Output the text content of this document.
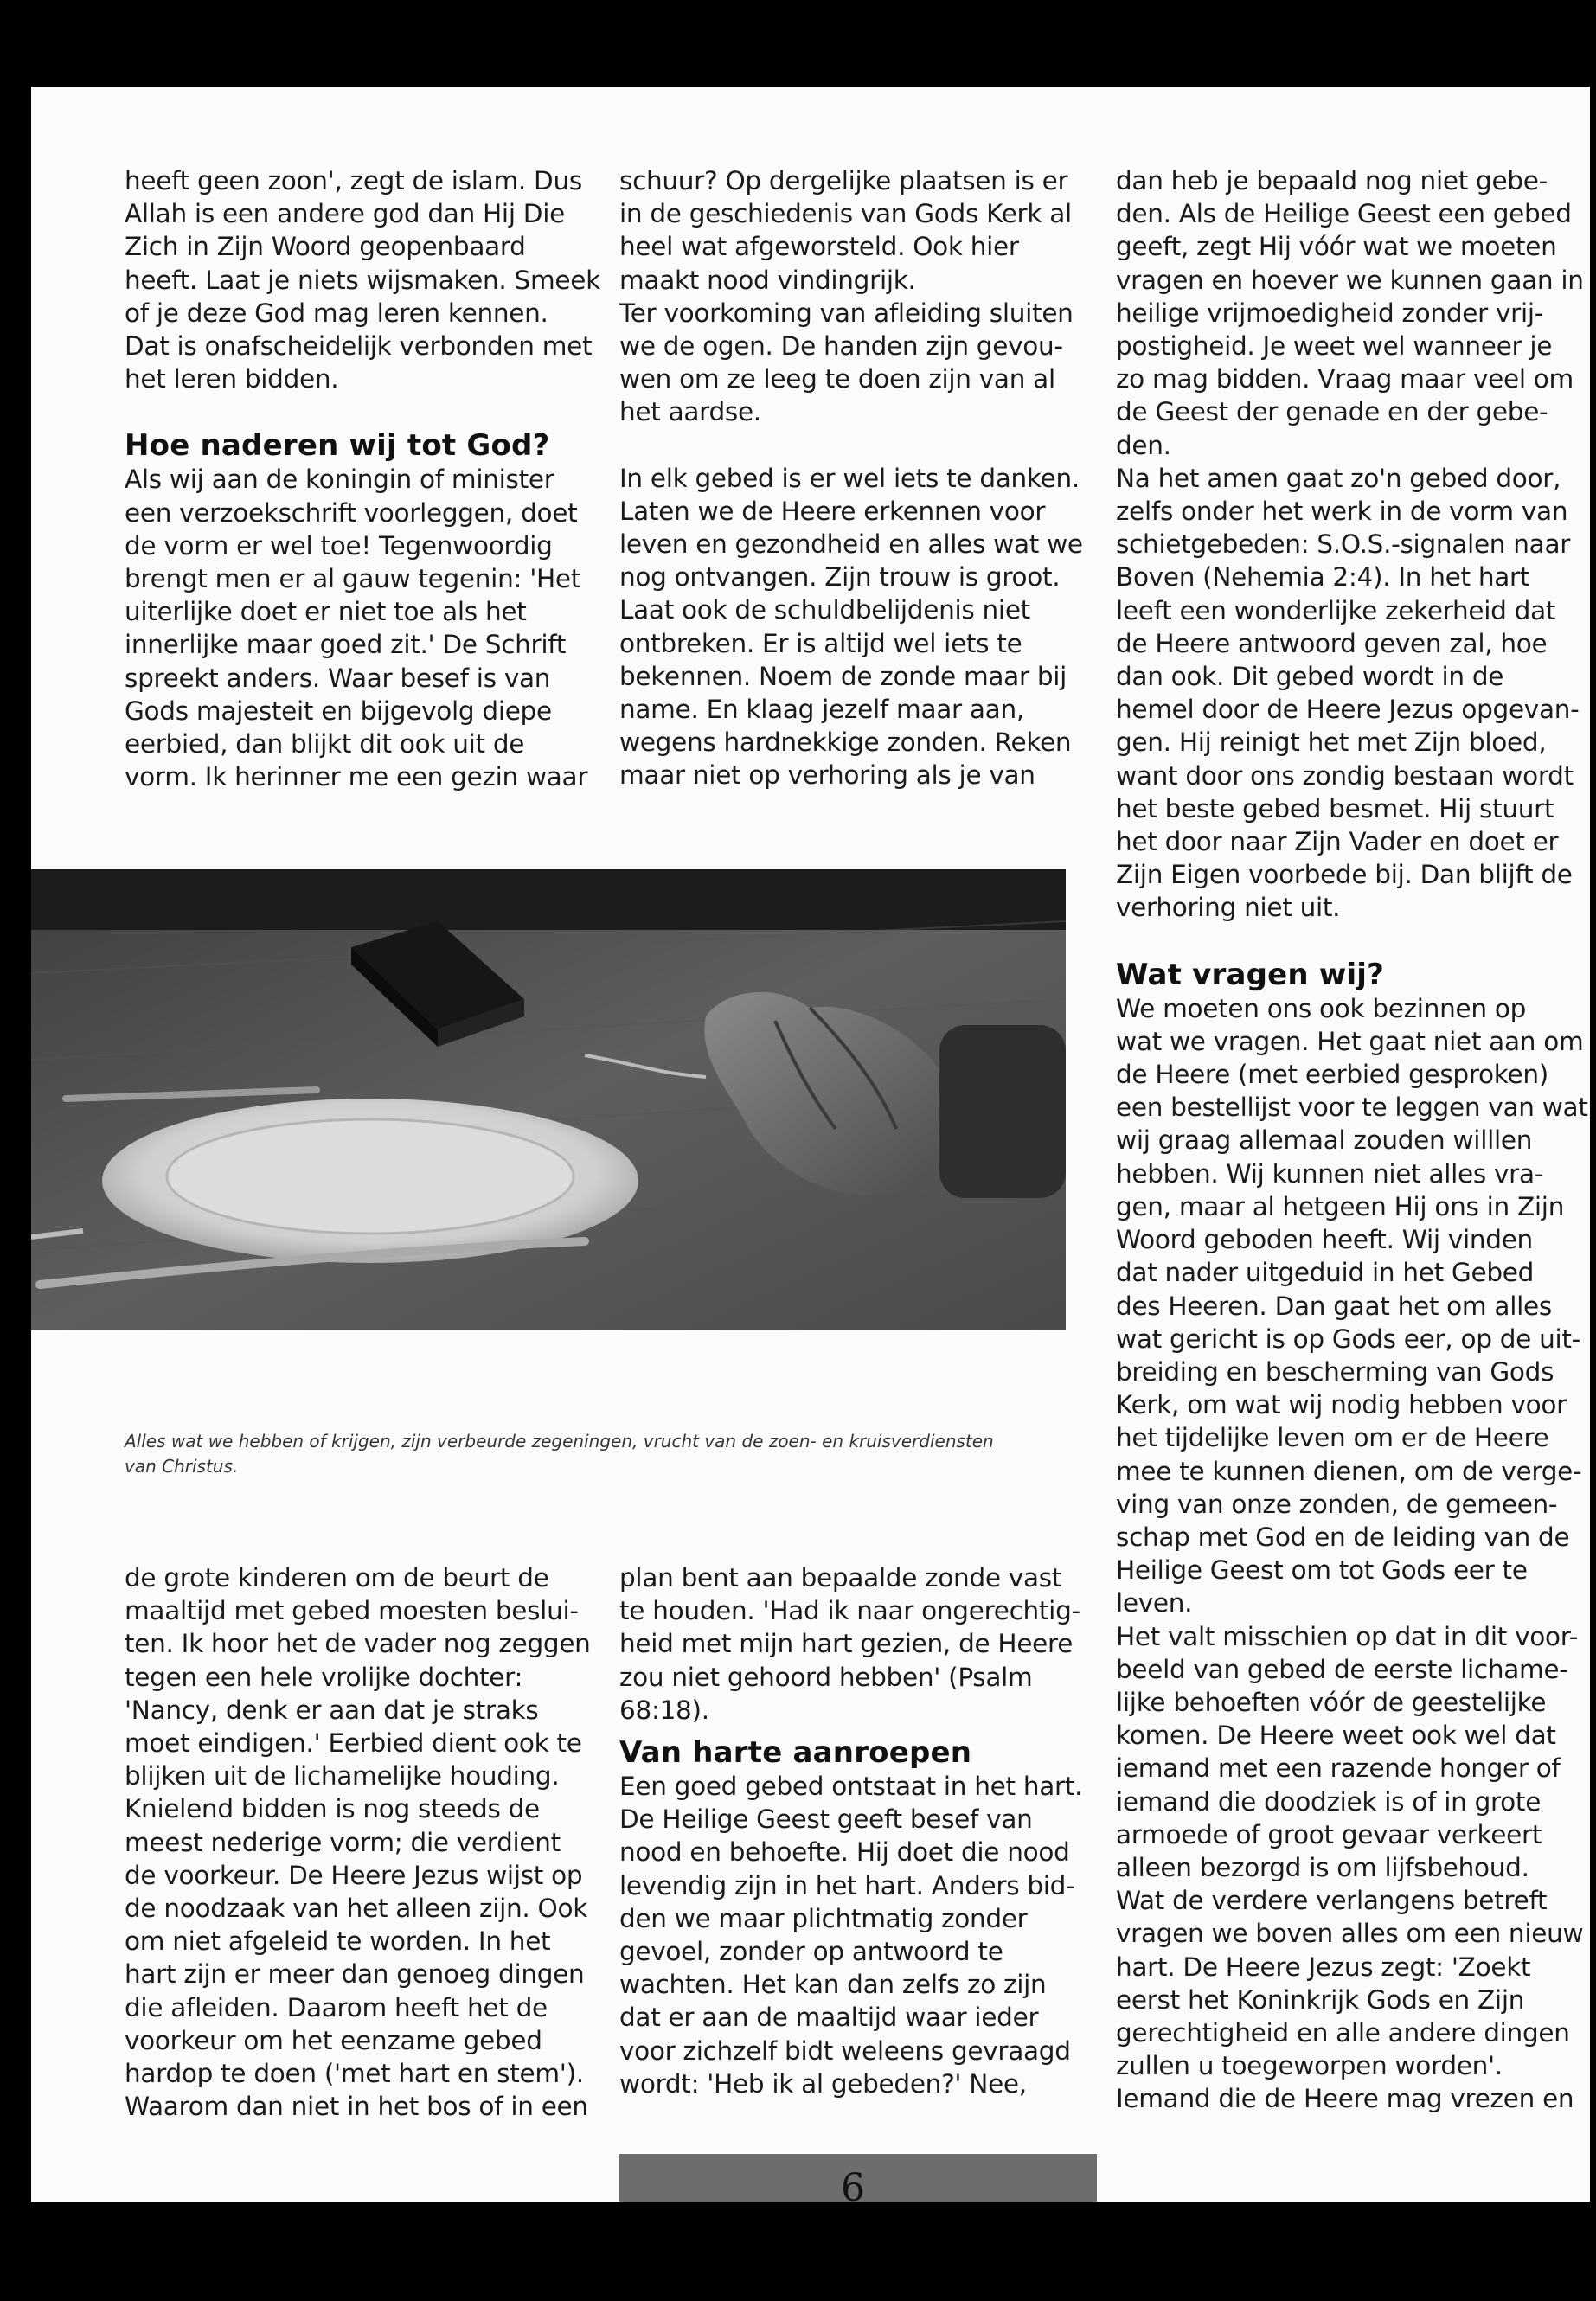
heeft geen zoon', zegt de islam. Dus

Allah is een andere god dan Hij Die

Zich in Zijn Woord geopenbaard

heeft. Laat je niets wijsmaken. Smeek

of je deze God mag leren kennen.

Dat is onafscheidelijk verbonden met

het leren bidden.

Hoe naderen wij tot God?

Als wij aan de koningin of minister

een verzoekschrift voorleggen, doet

de vorm er wel toe! Tegenwoordig

brengt men er al gauw tegenin: 'Het

uiterlijke doet er niet toe als het

innerlijke maar goed zit.' De Schrift

spreekt anders. Waar besef is van

Gods majesteit en bijgevolg diepe

eerbied, dan blijkt dit ook uit de

vorm. Ik herinner me een gezin waar

schuur? Op dergelijke plaatsen is er

in de geschiedenis van Gods Kerk al

heel wat afgeworsteld. Ook hier

maakt nood vindingrijk.

Ter voorkoming van afleiding sluiten

we de ogen. De handen zijn gevou-

wen om ze leeg te doen zijn van al

het aardse.

In elk gebed is er wel iets te danken.

Laten we de Heere erkennen voor

leven en gezondheid en alles wat we

nog ontvangen. Zijn trouw is groot.

Laat ook de schuldbelijdenis niet

ontbreken. Er is altijd wel iets te

bekennen. Noem de zonde maar bij

name. En klaag jezelf maar aan,

wegens hardnekkige zonden. Reken

maar niet op verhoring als je van

dan heb je bepaald nog niet gebe-

den. Als de Heilige Geest een gebed

geeft, zegt Hij vóór wat we moeten

vragen en hoever we kunnen gaan in

heilige vrijmoedigheid zonder vrij-

postigheid. Je weet wel wanneer je

zo mag bidden. Vraag maar veel om

de Geest der genade en der gebe-

den.

Na het amen gaat zo'n gebed door,

zelfs onder het werk in de vorm van

schietgebeden: S.O.S.-signalen naar

Boven (Nehemia 2:4). In het hart

leeft een wonderlijke zekerheid dat

de Heere antwoord geven zal, hoe

dan ook. Dit gebed wordt in de

hemel door de Heere Jezus opgevan-

gen. Hij reinigt het met Zijn bloed,

want door ons zondig bestaan wordt

het beste gebed besmet. Hij stuurt

het door naar Zijn Vader en doet er

Zijn Eigen voorbede bij. Dan blijft de

verhoring niet uit.

Wat vragen wij?

We moeten ons ook bezinnen op

wat we vragen. Het gaat niet aan om

de Heere (met eerbied gesproken)

een bestellijst voor te leggen van wat

wij graag allemaal zouden willlen

hebben. Wij kunnen niet alles vra-

gen, maar al hetgeen Hij ons in Zijn

Woord geboden heeft. Wij vinden

dat nader uitgeduid in het Gebed

des Heeren. Dan gaat het om alles

wat gericht is op Gods eer, op de uit-

breiding en bescherming van Gods

Kerk, om wat wij nodig hebben voor

het tijdelijke leven om er de Heere

mee te kunnen dienen, om de verge-

ving van onze zonden, de gemeen-

schap met God en de leiding van de

Heilige Geest om tot Gods eer te

leven.

Het valt misschien op dat in dit voor-

beeld van gebed de eerste lichame-

lijke behoeften vóór de geestelijke

komen. De Heere weet ook wel dat

iemand met een razende honger of

iemand die doodziek is of in grote

armoede of groot gevaar verkeert

alleen bezorgd is om lijfsbehoud.

Wat de verdere verlangens betreft

vragen we boven alles om een nieuw

hart. De Heere Jezus zegt: 'Zoekt

eerst het Koninkrijk Gods en Zijn

gerechtigheid en alle andere dingen

zullen u toegeworpen worden'.

Iemand die de Heere mag vrezen en

Alles wat we hebben of krijgen, zijn verbeurde zegeningen, vrucht van de zoen- en kruisverdiensten
van Christus.

de grote kinderen om de beurt de

maaltijd met gebed moesten beslui-

ten. Ik hoor het de vader nog zeggen

tegen een hele vrolijke dochter:

'Nancy, denk er aan dat je straks

moet eindigen.' Eerbied dient ook te

blijken uit de lichamelijke houding.

Knielend bidden is nog steeds de

meest nederige vorm; die verdient

de voorkeur. De Heere Jezus wijst op

de noodzaak van het alleen zijn. Ook

om niet afgeleid te worden. In het

hart zijn er meer dan genoeg dingen

die afleiden. Daarom heeft het de

voorkeur om het eenzame gebed

hardop te doen ('met hart en stem').

Waarom dan niet in het bos of in een

plan bent aan bepaalde zonde vast

te houden. 'Had ik naar ongerechtig-

heid met mijn hart gezien, de Heere

zou niet gehoord hebben' (Psalm

68:18).

Van harte aanroepen

Een goed gebed ontstaat in het hart.

De Heilige Geest geeft besef van

nood en behoefte. Hij doet die nood

levendig zijn in het hart. Anders bid-

den we maar plichtmatig zonder

gevoel, zonder op antwoord te

wachten. Het kan dan zelfs zo zijn

dat er aan de maaltijd waar ieder

voor zichzelf bidt weleens gevraagd

wordt: 'Heb ik al gebeden?' Nee,

6
